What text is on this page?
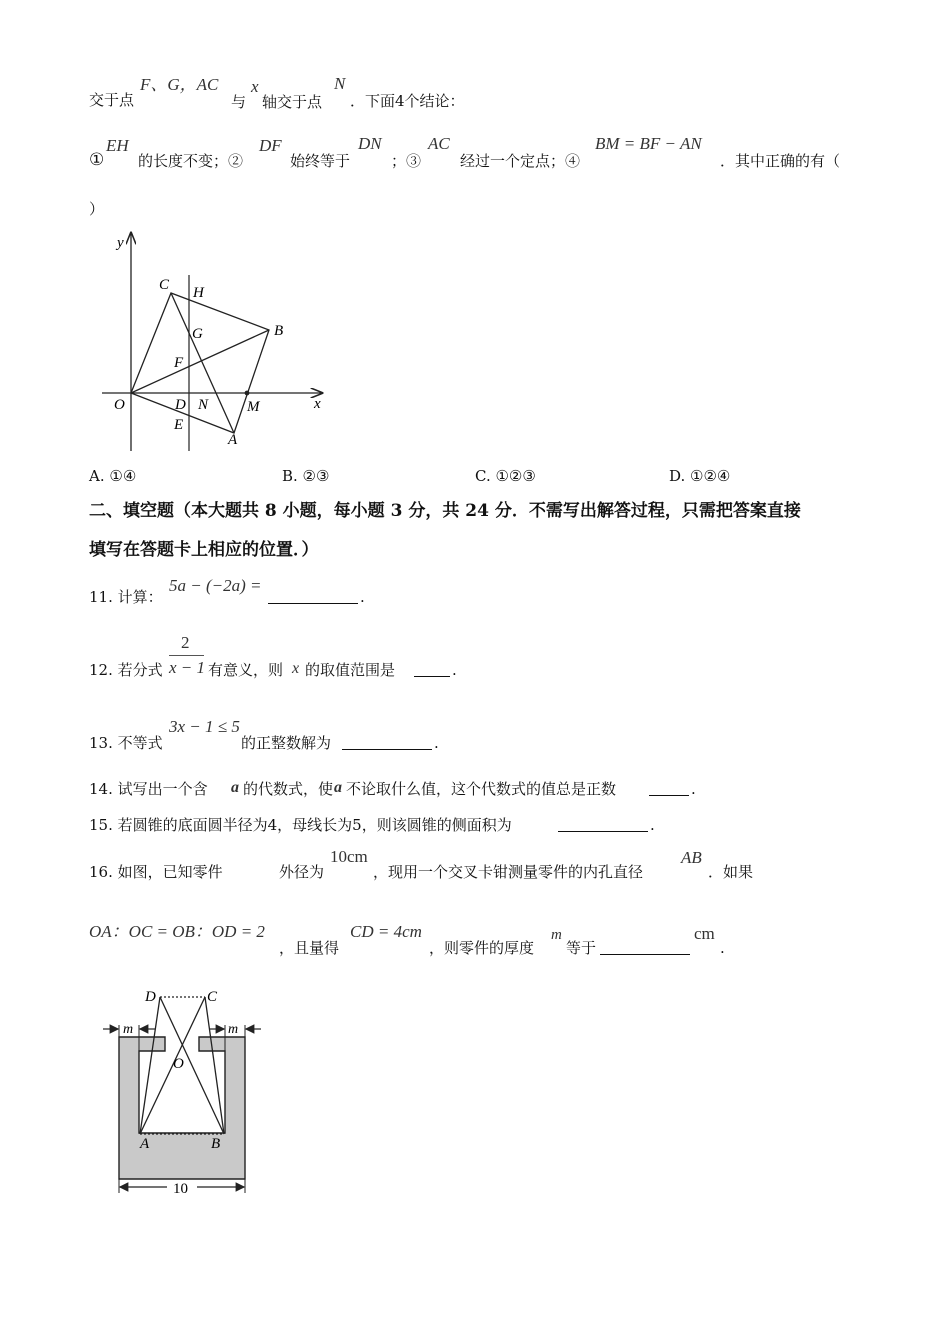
交于点
F、G，AC
与
x
轴交于点
N
．下面4个结论：
①
EH
的长度不变；②
DF
始终等于
DN
；③
AC
经过一个定点；④
BM = BF − AN
．其中正确的有（
）
y
x
C H
B
G
F
O	D N	M
E
A
A. ①④	B. ②③	C. ①②③	D. ①②④
二、填空题（本大题共 8 小题，每小题 3 分，共 24 分．不需写出解答过程，只需把答案直接
填写在答题卡上相应的位置．）
11. 计算：
5a − (−2a) =
.
2
x − 1
12. 若分式	有意义，则 x 的取值范围是	.
13. 不等式
3x − 1 ≤ 5
的正整数解为	.
14. 试写出一个含 a 的代数式，使 a 不论取什么值，这个代数式的值总是正数	.
15. 若圆锥的底面圆半径为4，母线长为5，则该圆锥的侧面积为	.
16. 如图，已知零件	外径为
10cm
，现用一个交叉卡钳测量零件的内孔直径
AB
．如果
OA：OC = OB：OD = 2
，且量得
CD = 4cm
，则零件的厚度
m
等于
cm
.
D	C
m	m
O
A	B
10
